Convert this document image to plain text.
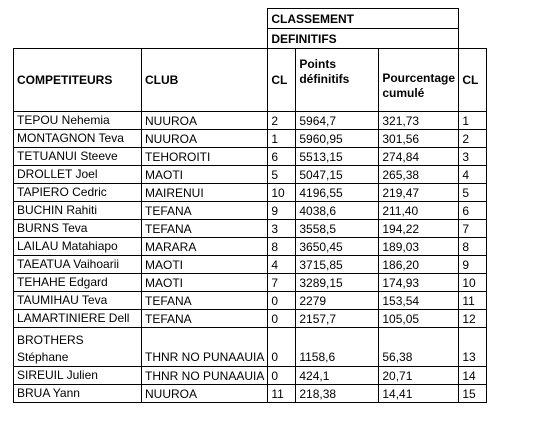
		CLASSEMENT			
		DEFINITIFS			
COMPETITEURS	CLUB	CL	Points définitifs	Pourcentage cumulé	CL
TEPOU Nehemia	NUUROA	2	5964,7	321,73	1
MONTAGNON Teva	NUUROA	1	5960,95	301,56	2
TETUANUI Steeve	TEHOROITI	6	5513,15	274,84	3
DROLLET Joel	MAOTI	5	5047,15	265,38	4
TAPIERO Cedric	MAIRENUI	10	4196,55	219,47	5
BUCHIN Rahiti	TEFANA	9	4038,6	211,40	6
BURNS Teva	TEFANA	3	3558,5	194,22	7
LAILAU Matahiapo	MARARA	8	3650,45	189,03	8
TAEATUA Vaihoarii	MAOTI	4	3715,85	186,20	9
TEHAHE Edgard	MAOTI	7	3289,15	174,93	10
TAUMIHAU Teva	TEFANA	0	2279	153,54	11
LAMARTINIERE Dell	TEFANA	0	2157,7	105,05	12
BROTHERS Stéphane	THNR NO PUNAAUIA	0	1158,6	56,38	13
SIREUIL Julien	THNR NO PUNAAUIA	0	424,1	20,71	14
BRUA Yann	NUUROA	11	218,38	14,41	15
